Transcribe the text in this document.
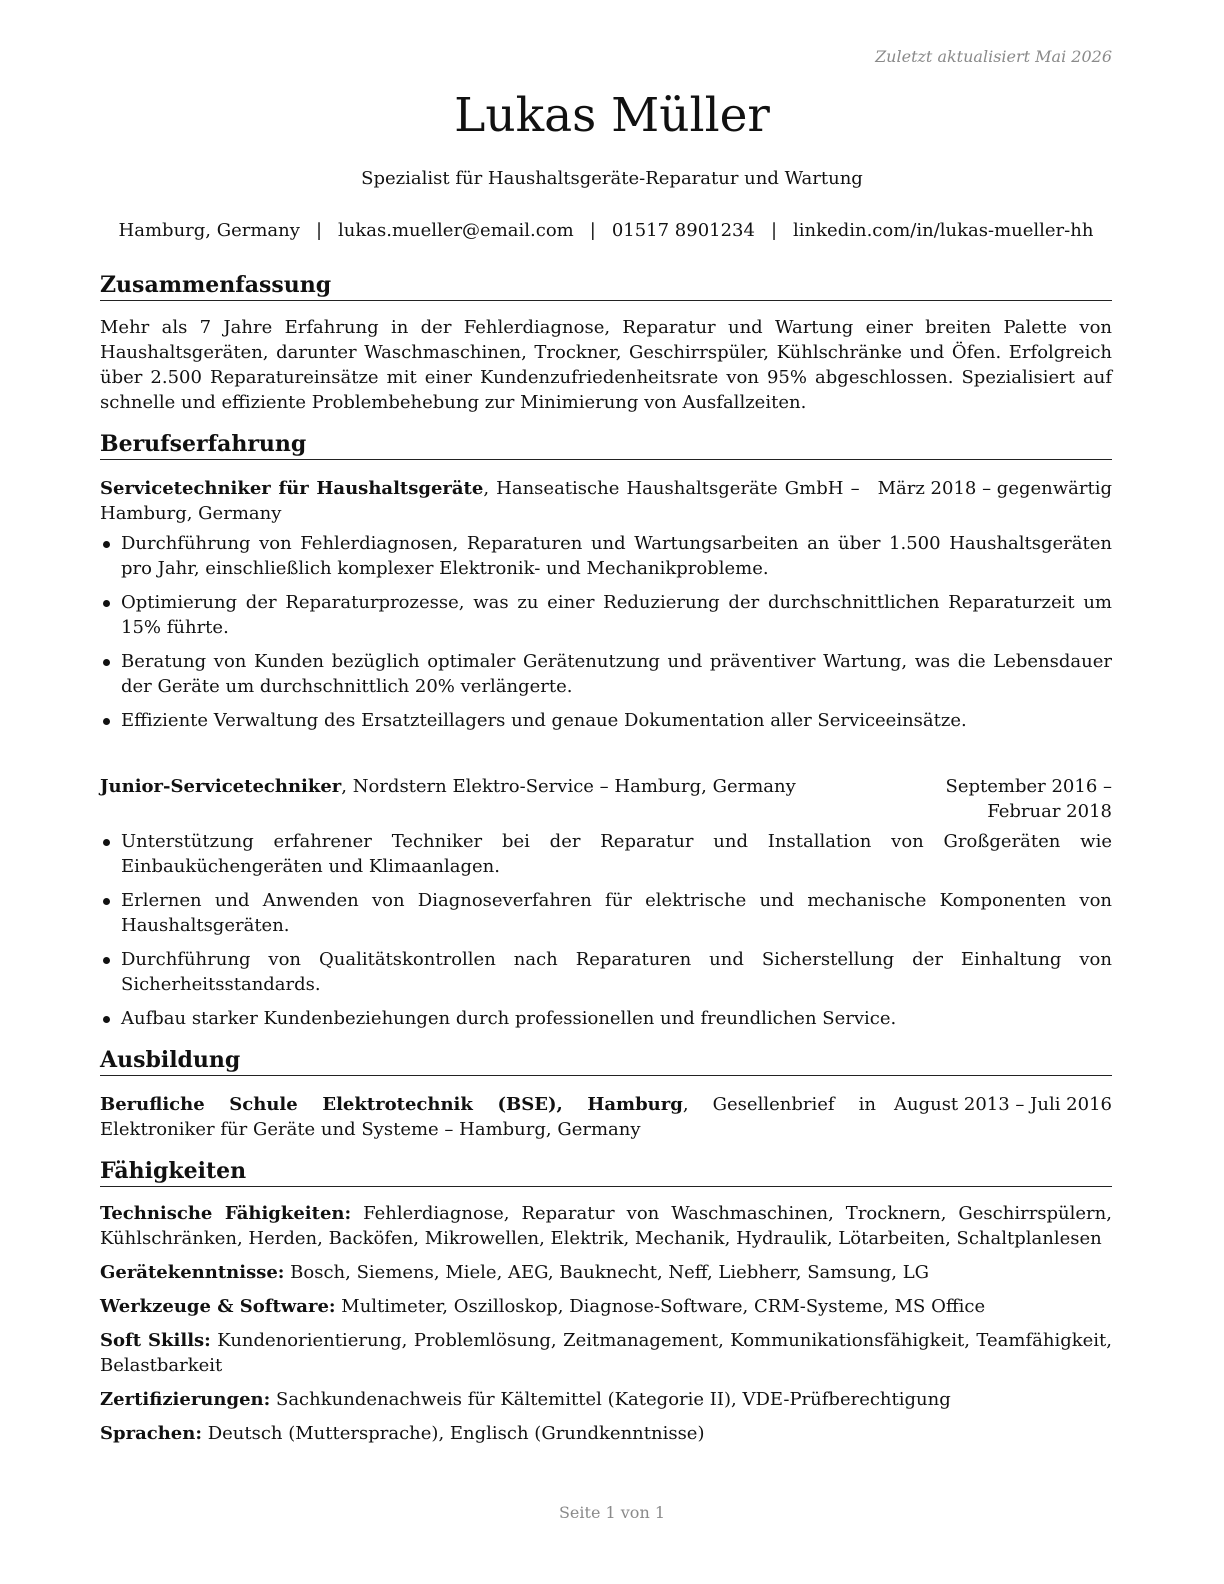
Zuletzt aktualisiert Mai 2026
Lukas Müller
Spezialist für Haushaltsgeräte-Reparatur und Wartung
Hamburg, Germany | lukas.mueller@email.com | 01517 8901234 | linkedin.com/in/lukas-mueller-hh
Zusammenfassung
Mehr als 7 Jahre Erfahrung in der Fehlerdiagnose, Reparatur und Wartung einer breiten Palette von Haushaltsgeräten, darunter Waschmaschinen, Trockner, Geschirrspüler, Kühlschränke und Öfen. Erfolgreich über 2.500 Reparatureinsätze mit einer Kundenzufriedenheitsrate von 95% abgeschlossen. Spezialisiert auf schnelle und effiziente Problembehebung zur Minimierung von Ausfallzeiten.
Berufserfahrung
Servicetechniker für Haushaltsgeräte, Hanseatische Haushaltsgeräte GmbH – Hamburg, Germany
März 2018 – gegenwärtig
Durchführung von Fehlerdiagnosen, Reparaturen und Wartungsarbeiten an über 1.500 Haushaltsgeräten pro Jahr, einschließlich komplexer Elektronik- und Mechanikprobleme.
Optimierung der Reparaturprozesse, was zu einer Reduzierung der durchschnittlichen Reparaturzeit um 15% führte.
Beratung von Kunden bezüglich optimaler Gerätenutzung und präventiver Wartung, was die Lebensdauer der Geräte um durchschnittlich 20% verlängerte.
Effiziente Verwaltung des Ersatzteillagers und genaue Dokumentation aller Serviceeinsätze.
Junior-Servicetechniker, Nordstern Elektro-Service – Hamburg, Germany	September 2016 – Februar 2018
Unterstützung erfahrener Techniker bei der Reparatur und Installation von Großgeräten wie Einbauküchengeräten und Klimaanlagen.
Erlernen und Anwenden von Diagnoseverfahren für elektrische und mechanische Komponenten von Haushaltsgeräten.
Durchführung von Qualitätskontrollen nach Reparaturen und Sicherstellung der Einhaltung von Sicherheitsstandards.
Aufbau starker Kundenbeziehungen durch professionellen und freundlichen Service.
Ausbildung
Berufliche Schule Elektrotechnik (BSE), Hamburg, Gesellenbrief in Elektroniker für Geräte und Systeme – Hamburg, Germany
August 2013 – Juli 2016
Fähigkeiten
Technische Fähigkeiten: Fehlerdiagnose, Reparatur von Waschmaschinen, Trocknern, Geschirrspülern, Kühlschränken, Herden, Backöfen, Mikrowellen, Elektrik, Mechanik, Hydraulik, Lötarbeiten, Schaltplanlesen
Gerätekenntnisse: Bosch, Siemens, Miele, AEG, Bauknecht, Neff, Liebherr, Samsung, LG
Werkzeuge & Software: Multimeter, Oszilloskop, Diagnose-Software, CRM-Systeme, MS Office
Soft Skills: Kundenorientierung, Problemlösung, Zeitmanagement, Kommunikationsfähigkeit, Teamfähigkeit, Belastbarkeit
Zertifizierungen: Sachkundenachweis für Kältemittel (Kategorie II), VDE-Prüfberechtigung
Sprachen: Deutsch (Muttersprache), Englisch (Grundkenntnisse)
Seite 1 von 1
